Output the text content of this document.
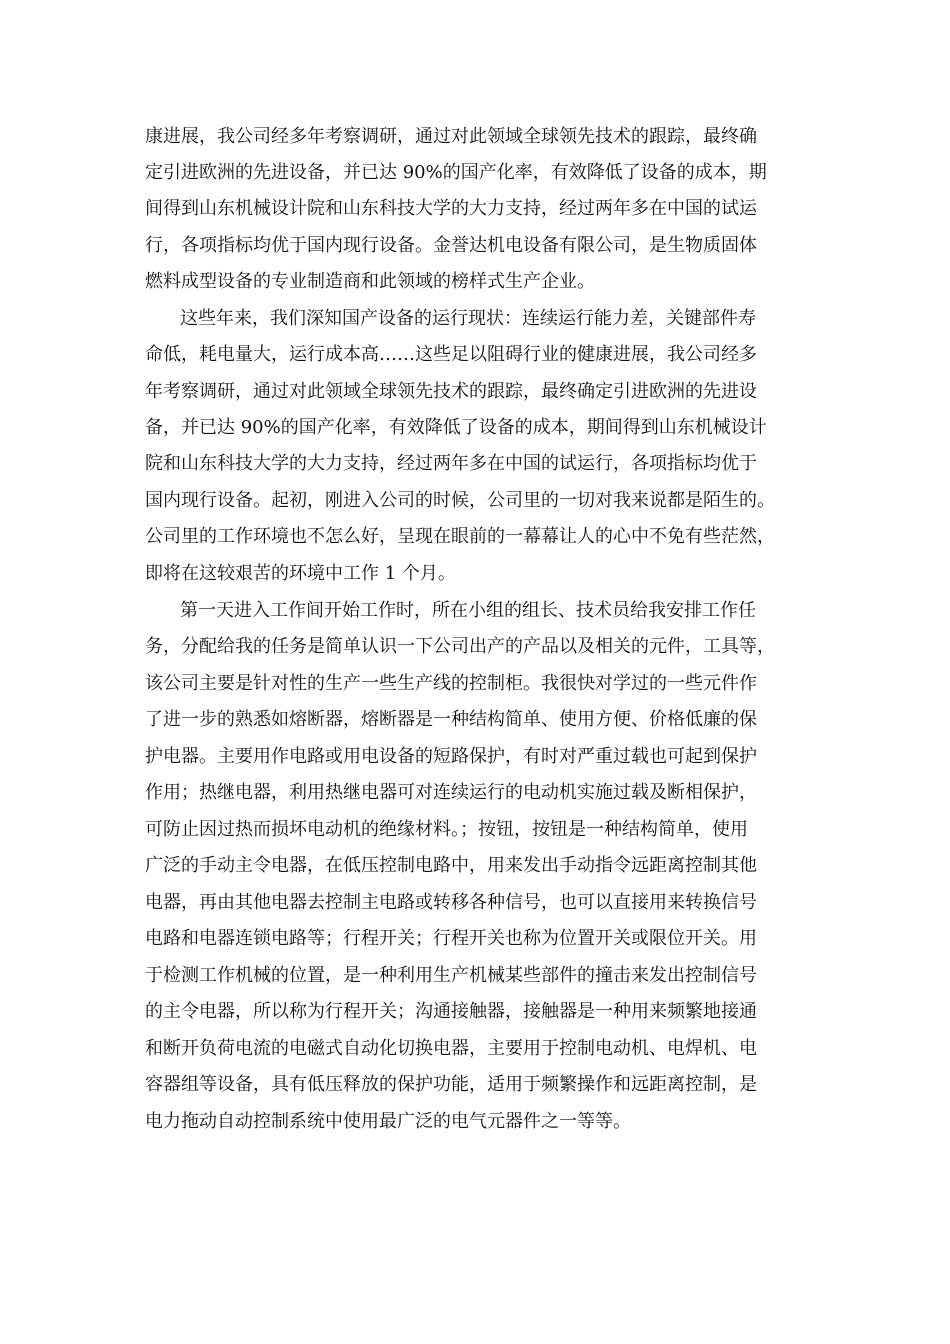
康进展，我公司经多年考察调研，通过对此领域全球领先技术的跟踪，最终确
定引进欧洲的先进设备，并已达 90%的国产化率，有效降低了设备的成本，期
间得到山东机械设计院和山东科技大学的大力支持，经过两年多在中国的试运
行，各项指标均优于国内现行设备。金誉达机电设备有限公司，是生物质固体
燃料成型设备的专业制造商和此领域的榜样式生产企业。
这些年来，我们深知国产设备的运行现状：连续运行能力差，关键部件寿
命低，耗电量大，运行成本高……这些足以阻碍行业的健康进展，我公司经多
年考察调研，通过对此领域全球领先技术的跟踪，最终确定引进欧洲的先进设
备，并已达 90%的国产化率，有效降低了设备的成本，期间得到山东机械设计
院和山东科技大学的大力支持，经过两年多在中国的试运行，各项指标均优于
国内现行设备。起初，刚进入公司的时候，公司里的一切对我来说都是陌生的。
公司里的工作环境也不怎么好，呈现在眼前的一幕幕让人的心中不免有些茫然，
即将在这较艰苦的环境中工作 1 个月。
第一天进入工作间开始工作时，所在小组的组长、技术员给我安排工作任
务，分配给我的任务是简单认识一下公司出产的产品以及相关的元件，工具等，
该公司主要是针对性的生产一些生产线的控制柜。我很快对学过的一些元件作
了进一步的熟悉如熔断器，熔断器是一种结构简单、使用方便、价格低廉的保
护电器。主要用作电路或用电设备的短路保护，有时对严重过载也可起到保护
作用；热继电器，利用热继电器可对连续运行的电动机实施过载及断相保护，
可防止因过热而损坏电动机的绝缘材料。；按钮，按钮是一种结构简单，使用
广泛的手动主令电器，在低压控制电路中，用来发出手动指令远距离控制其他
电器，再由其他电器去控制主电路或转移各种信号，也可以直接用来转换信号
电路和电器连锁电路等；行程开关；行程开关也称为位置开关或限位开关。用
于检测工作机械的位置，是一种利用生产机械某些部件的撞击来发出控制信号
的主令电器，所以称为行程开关；沟通接触器，接触器是一种用来频繁地接通
和断开负荷电流的电磁式自动化切换电器，主要用于控制电动机、电焊机、电
容器组等设备，具有低压释放的保护功能，适用于频繁操作和远距离控制，是
电力拖动自动控制系统中使用最广泛的电气元器件之一等等。
